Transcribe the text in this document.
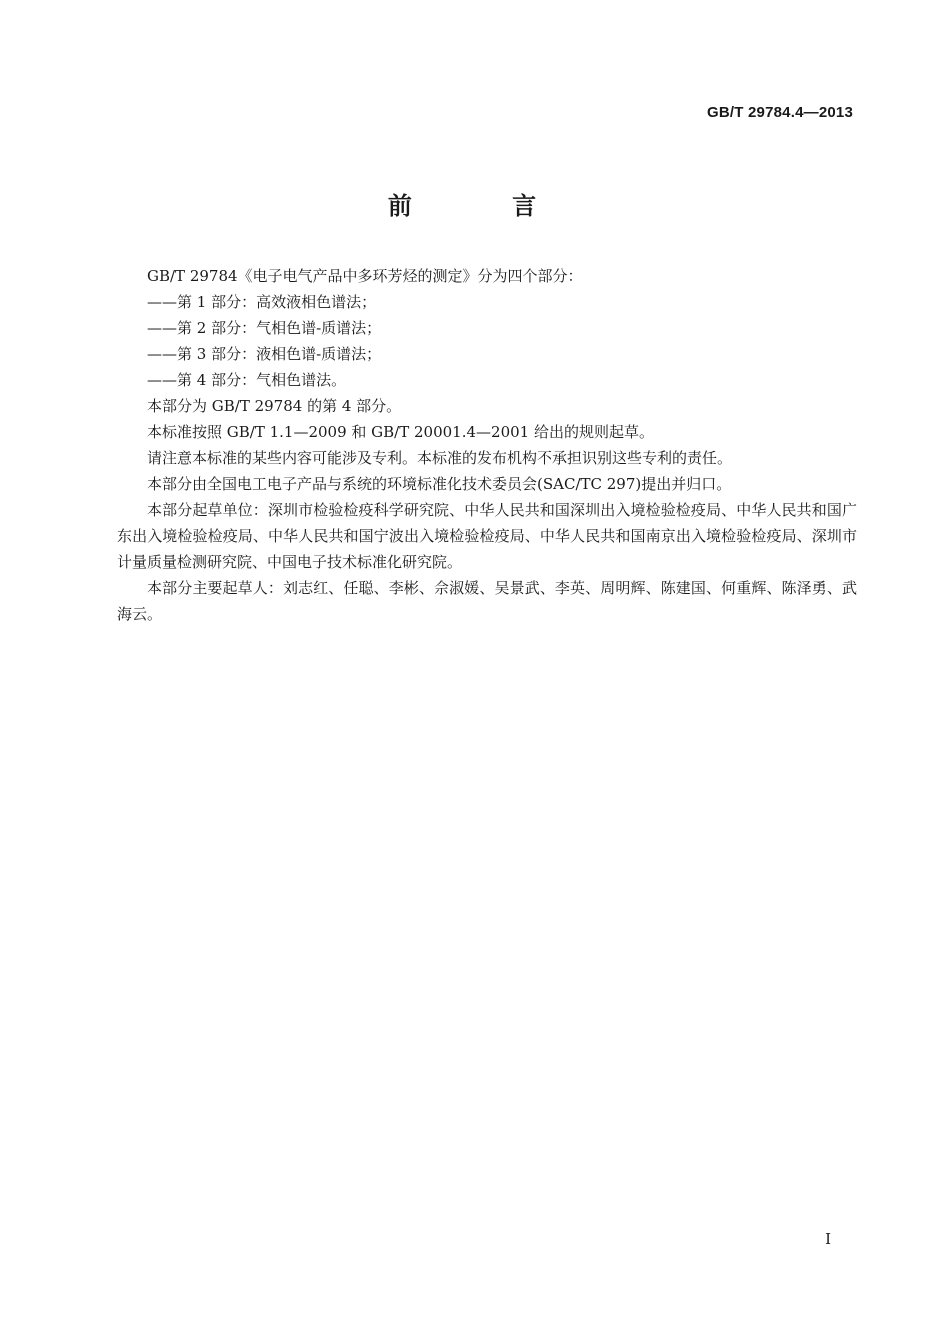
GB/T 29784.4—2013
前 言

GB/T 29784《电子电气产品中多环芳烃的测定》分为四个部分：

——第 1 部分：高效液相色谱法；

——第 2 部分：气相色谱-质谱法；

——第 3 部分：液相色谱-质谱法；

——第 4 部分：气相色谱法。

本部分为 GB/T 29784 的第 4 部分。

本标准按照 GB/T 1.1—2009 和 GB/T 20001.4—2001 给出的规则起草。

请注意本标准的某些内容可能涉及专利。本标准的发布机构不承担识别这些专利的责任。

本部分由全国电工电子产品与系统的环境标准化技术委员会(SAC/TC 297)提出并归口。

本部分起草单位：深圳市检验检疫科学研究院、中华人民共和国深圳出入境检验检疫局、中华人民共和国广东出入境检验检疫局、中华人民共和国宁波出入境检验检疫局、中华人民共和国南京出入境检验检疫局、深圳市计量质量检测研究院、中国电子技术标准化研究院。

本部分主要起草人：刘志红、任聪、李彬、佘淑媛、吴景武、李英、周明辉、陈建国、何重辉、陈泽勇、武海云。

I
